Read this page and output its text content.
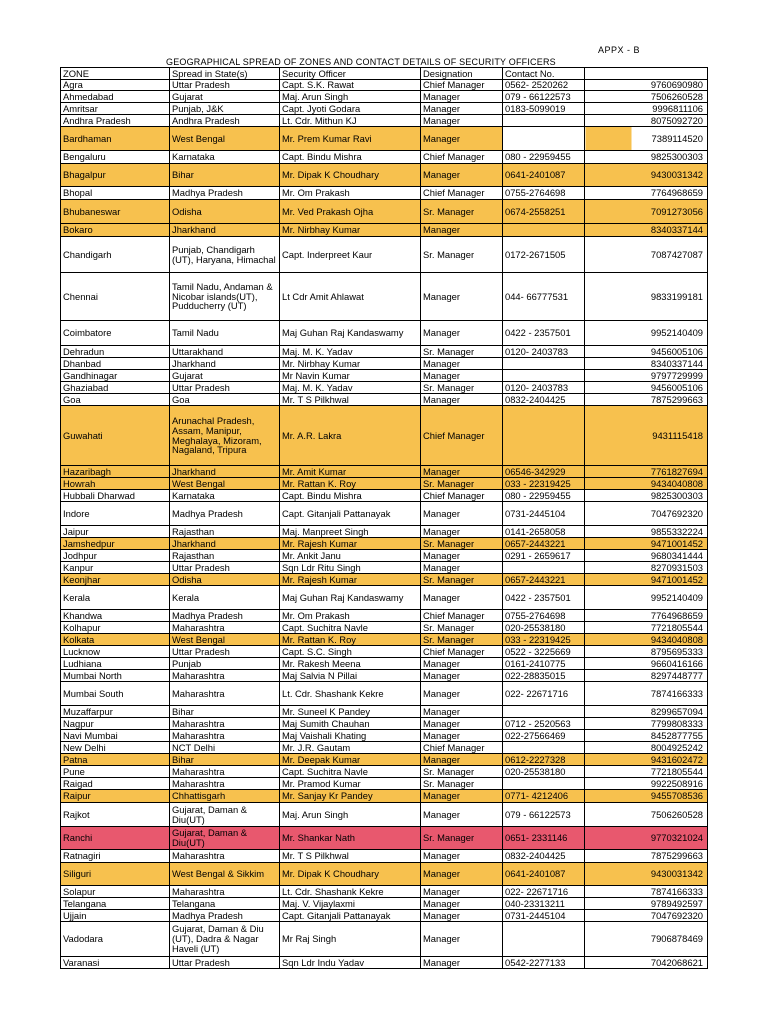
APPX - B
GEOGRAPHICAL SPREAD OF ZONES AND CONTACT DETAILS OF SECURITY OFFICERS
ZONE	Spread in State(s)	Security Officer	Designation	Contact No.	
Agra	Uttar Pradesh	Capt. S.K. Rawat	Chief Manager	0562- 2520262	9760690980
Ahmedabad	Gujarat	Maj. Arun Singh	Manager	079 - 66122573	7506260528
Amritsar	Punjab, J&K	Capt. Jyoti Godara	Manager	0183-5099019	9996811106
Andhra Pradesh	Andhra Pradesh	Lt. Cdr. Mithun KJ	Manager		8075092720
Bardhaman	West Bengal	Mr. Prem Kumar Ravi	Manager		7389114520
Bengaluru	Karnataka	Capt. Bindu Mishra	Chief Manager	080 - 22959455	9825300303
Bhagalpur	Bihar	Mr. Dipak K Choudhary	Manager	0641-2401087	9430031342
Bhopal	Madhya Pradesh	Mr. Om Prakash	Chief Manager	0755-2764698	7764968659
Bhubaneswar	Odisha	Mr. Ved Prakash Ojha	Sr. Manager	0674-2558251	7091273056
Bokaro	Jharkhand	Mr. Nirbhay Kumar	Manager		8340337144
Chandigarh	Punjab, Chandigarh (UT), Haryana, Himachal	Capt. Inderpreet Kaur	Sr. Manager	0172-2671505	7087427087
Chennai	Tamil Nadu, Andaman & Nicobar islands(UT), Pudducherry (UT)	Lt Cdr Amit Ahlawat	Manager	044- 66777531	9833199181
Coimbatore	Tamil Nadu	Maj Guhan Raj Kandaswamy	Manager	0422 - 2357501	9952140409
Dehradun	Uttarakhand	Maj. M. K. Yadav	Sr. Manager	0120- 2403783	9456005106
Dhanbad	Jharkhand	Mr. Nirbhay Kumar	Manager		8340337144
Gandhinagar	Gujarat	Mr Navin Kumar	Manager		9797729999
Ghaziabad	Uttar Pradesh	Maj. M. K. Yadav	Sr. Manager	0120- 2403783	9456005106
Goa	Goa	Mr. T S Pilkhwal	Manager	0832-2404425	7875299663
Guwahati	Arunachal Pradesh, Assam, Manipur, Meghalaya, Mizoram, Nagaland, Tripura	Mr. A.R. Lakra	Chief Manager		9431115418
Hazaribagh	Jharkhand	Mr. Amit Kumar	Manager	06546-342929	7761827694
Howrah	West Bengal	Mr. Rattan K. Roy	Sr. Manager	033 - 22319425	9434040808
Hubbali Dharwad	Karnataka	Capt. Bindu Mishra	Chief Manager	080 - 22959455	9825300303
Indore	Madhya Pradesh	Capt. Gitanjali Pattanayak	Manager	0731-2445104	7047692320
Jaipur	Rajasthan	Maj. Manpreet Singh	Manager	0141-2658058	9855332224
Jamshedpur	Jharkhand	Mr. Rajesh Kumar	Sr. Manager	0657-2443221	9471001452
Jodhpur	Rajasthan	Mr. Ankit Janu	Manager	0291 - 2659617	9680341444
Kanpur	Uttar Pradesh	Sqn Ldr Ritu Singh	Manager		8270931503
Keonjhar	Odisha	Mr. Rajesh Kumar	Sr. Manager	0657-2443221	9471001452
Kerala	Kerala	Maj Guhan Raj Kandaswamy	Manager	0422 - 2357501	9952140409
Khandwa	Madhya Pradesh	Mr. Om Prakash	Chief Manager	0755-2764698	7764968659
Kolhapur	Maharashtra	Capt. Suchitra Navle	Sr. Manager	020-25538180	7721805544
Kolkata	West Bengal	Mr. Rattan K. Roy	Sr. Manager	033 - 22319425	9434040808
Lucknow	Uttar Pradesh	Capt. S.C. Singh	Chief Manager	0522 - 3225669	8795695333
Ludhiana	Punjab	Mr. Rakesh Meena	Manager	0161-2410775	9660416166
Mumbai North	Maharashtra	Maj Salvia N Pillai	Manager	022-28835015	8297448777
Mumbai South	Maharashtra	Lt. Cdr. Shashank Kekre	Manager	022- 22671716	7874166333
Muzaffarpur	Bihar	Mr. Suneel K Pandey	Manager		8299657094
Nagpur	Maharashtra	Maj Sumith Chauhan	Manager	0712 - 2520563	7799808333
Navi Mumbai	Maharashtra	Maj Vaishali Khating	Manager	022-27566469	8452877755
New Delhi	NCT Delhi	Mr. J.R. Gautam	Chief Manager		8004925242
Patna	Bihar	Mr. Deepak Kumar	Manager	0612-2227328	9431602472
Pune	Maharashtra	Capt. Suchitra Navle	Sr. Manager	020-25538180	7721805544
Raigad	Maharashtra	Mr. Pramod Kumar	Sr. Manager		9922508916
Raipur	Chhattisgarh	Mr. Sanjay Kr Pandey	Manager	0771- 4212406	9455708536
Rajkot	Gujarat, Daman & Diu(UT)	Maj. Arun Singh	Manager	079 - 66122573	7506260528
Ranchi	Gujarat, Daman & Diu(UT)	Mr. Shankar Nath	Sr. Manager	0651- 2331146	9770321024
Ratnagiri	Maharashtra	Mr. T S Pilkhwal	Manager	0832-2404425	7875299663
Siliguri	West Bengal & Sikkim	Mr. Dipak K Choudhary	Manager	0641-2401087	9430031342
Solapur	Maharashtra	Lt. Cdr. Shashank Kekre	Manager	022- 22671716	7874166333
Telangana	Telangana	Maj. V. Vijaylaxmi	Manager	040-23313211	9789492597
Ujjain	Madhya Pradesh	Capt. Gitanjali Pattanayak	Manager	0731-2445104	7047692320
Vadodara	Gujarat, Daman & Diu (UT), Dadra & Nagar Haveli (UT)	Mr Raj Singh	Manager		7906878469
Varanasi	Uttar Pradesh	Sqn Ldr Indu Yadav	Manager	0542-2277133	7042068621
